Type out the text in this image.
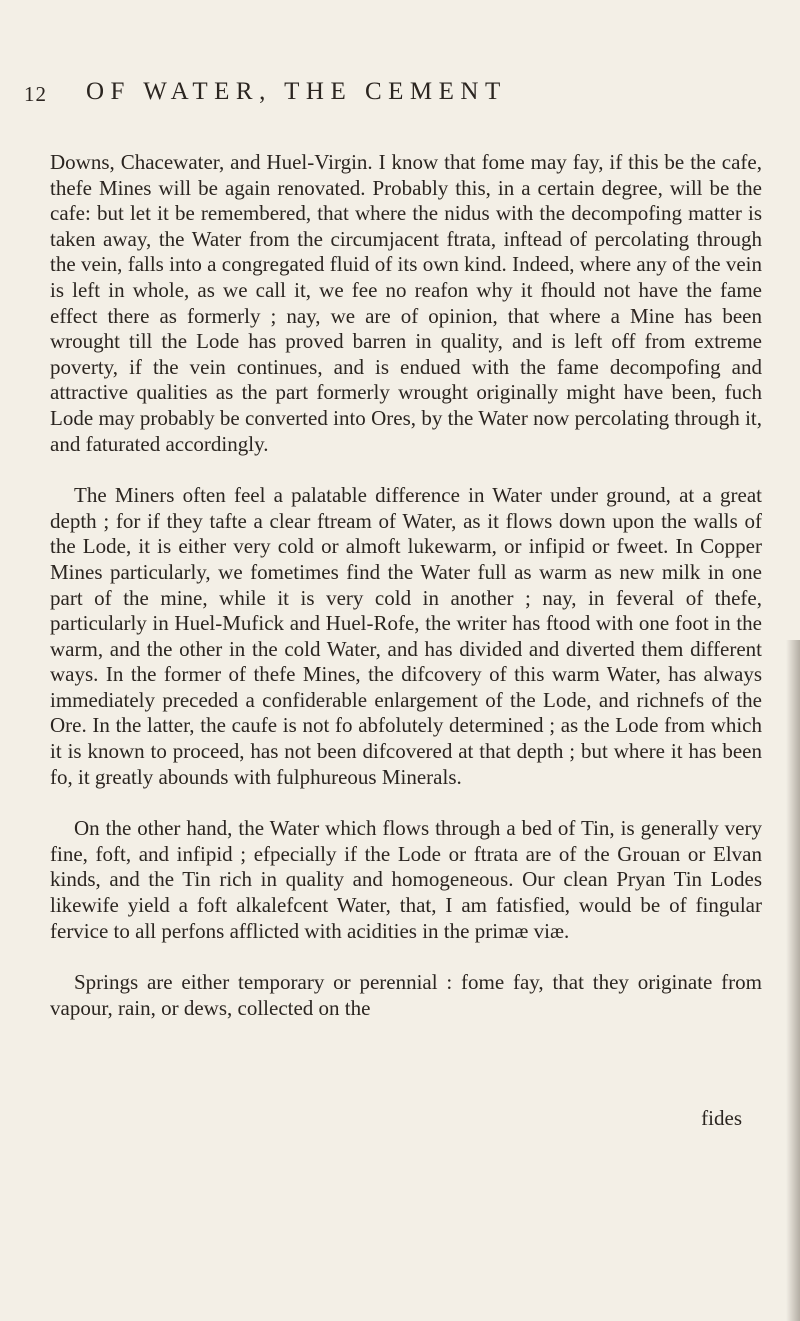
12 OF WATER, THE CEMENT

Downs, Chacewater, and Huel-Virgin. I know that fome may fay, if this be the cafe, thefe Mines will be again renovated. Probably this, in a certain degree, will be the cafe: but let it be remembered, that where the nidus with the decompofing matter is taken away, the Water from the circumjacent ftrata, inftead of percolating through the vein, falls into a congregated fluid of its own kind. Indeed, where any of the vein is left in whole, as we call it, we fee no reafon why it fhould not have the fame effect there as formerly ; nay, we are of opinion, that where a Mine has been wrought till the Lode has proved barren in quality, and is left off from extreme poverty, if the vein continues, and is endued with the fame decompofing and attractive qualities as the part formerly wrought originally might have been, fuch Lode may probably be converted into Ores, by the Water now percolating through it, and faturated accordingly.

The Miners often feel a palatable difference in Water under ground, at a great depth ; for if they tafte a clear ftream of Water, as it flows down upon the walls of the Lode, it is either very cold or almoft lukewarm, or infipid or fweet. In Copper Mines particularly, we fometimes find the Water full as warm as new milk in one part of the mine, while it is very cold in another ; nay, in feveral of thefe, particularly in Huel-Mufick and Huel-Rofe, the writer has ftood with one foot in the warm, and the other in the cold Water, and has divided and diverted them different ways. In the former of thefe Mines, the difcovery of this warm Water, has always immediately preceded a confiderable enlargement of the Lode, and richnefs of the Ore. In the latter, the caufe is not fo abfolutely determined ; as the Lode from which it is known to proceed, has not been difcovered at that depth ; but where it has been fo, it greatly abounds with fulphureous Minerals.

On the other hand, the Water which flows through a bed of Tin, is generally very fine, foft, and infipid ; efpecially if the Lode or ftrata are of the Grouan or Elvan kinds, and the Tin rich in quality and homogeneous. Our clean Pryan Tin Lodes likewife yield a foft alkalefcent Water, that, I am fatisfied, would be of fingular fervice to all perfons afflicted with acidities in the primæ viæ.

Springs are either temporary or perennial : fome fay, that they originate from vapour, rain, or dews, collected on the

fides
